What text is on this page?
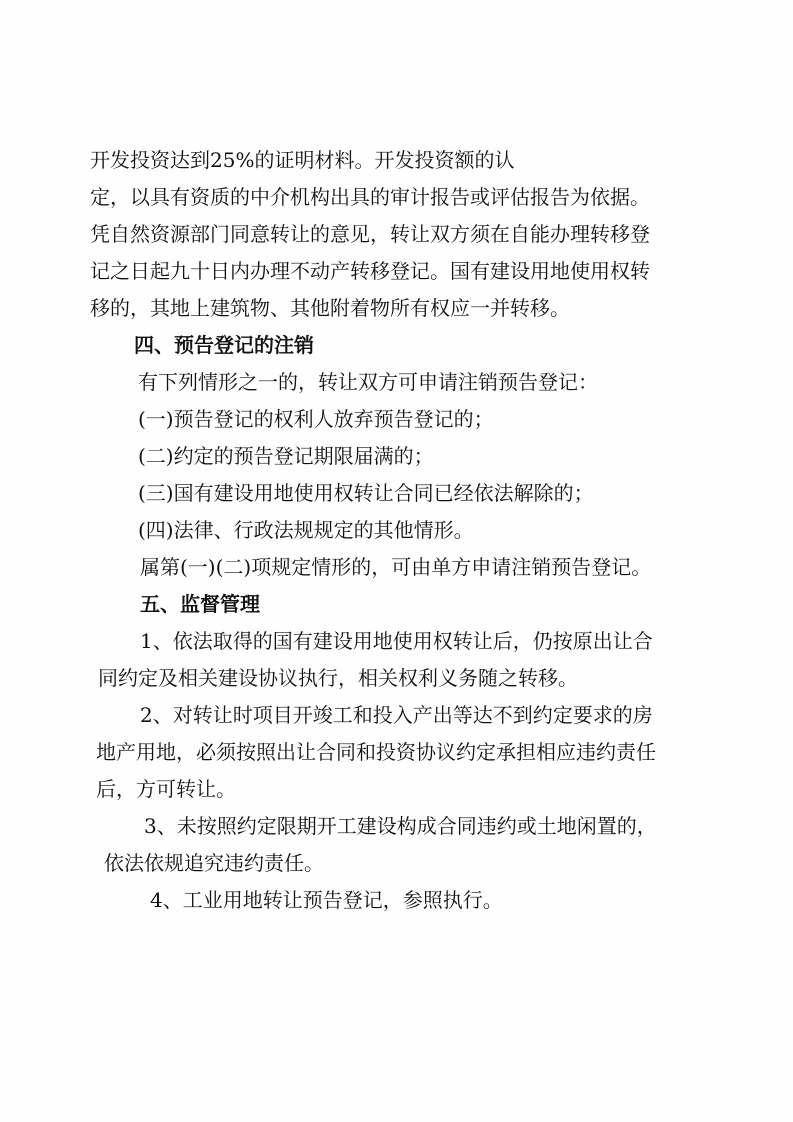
开发投资达到25%的证明材料。开发投资额的认
定，以具有资质的中介机构出具的审计报告或评估报告为依据。
凭自然资源部门同意转让的意见，转让双方须在自能办理转移登
记之日起九十日内办理不动产转移登记。国有建设用地使用权转
移的，其地上建筑物、其他附着物所有权应一并转移。
四、预告登记的注销
有下列情形之一的，转让双方可申请注销预告登记：
(一)预告登记的权利人放弃预告登记的；
(二)约定的预告登记期限届满的；
(三)国有建设用地使用权转让合同已经依法解除的；
(四)法律、行政法规规定的其他情形。
属第(一)(二)项规定情形的，可由单方申请注销预告登记。
五、监督管理
1、依法取得的国有建设用地使用权转让后，仍按原出让合
同约定及相关建设协议执行，相关权利义务随之转移。
2、对转让时项目开竣工和投入产出等达不到约定要求的房
地产用地，必须按照出让合同和投资协议约定承担相应违约责任
后，方可转让。
3、未按照约定限期开工建设构成合同违约或土地闲置的，
依法依规追究违约责任。
4、工业用地转让预告登记，参照执行。
